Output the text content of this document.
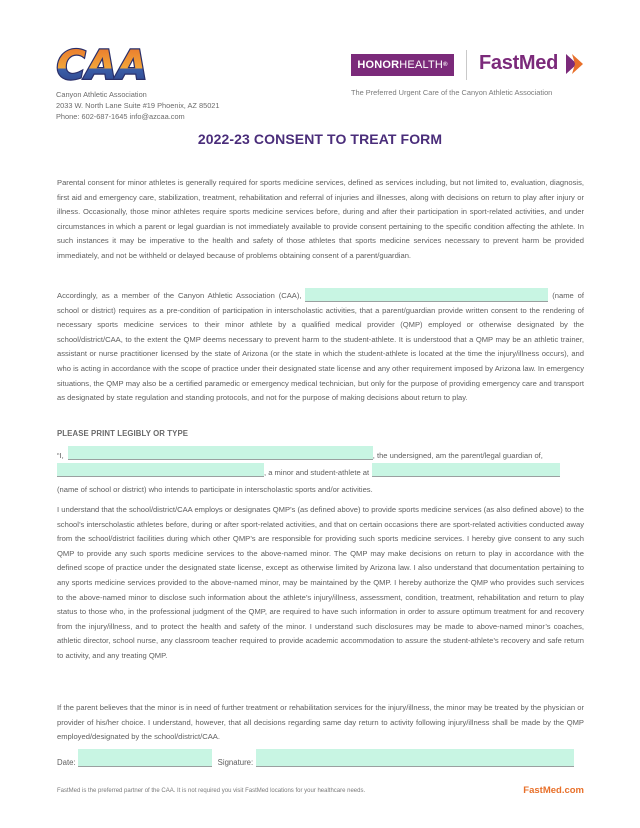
CAA
Canyon Athletic Association
2033 W. North Lane Suite #19 Phoenix, AZ 85021
Phone: 602-687-1645 info@azcaa.com
HONOR HEALTH ® FastMed
The Preferred Urgent Care of the Canyon Athletic Association
2022-23 CONSENT TO TREAT FORM
Parental consent for minor athletes is generally required for sports medicine services, defined as services including, but not limited to, evaluation, diagnosis, first aid and emergency care, stabilization, treatment, rehabilitation and referral of injuries and illnesses, along with decisions on return to play after injury or illness. Occasionally, those minor athletes require sports medicine services before, during and after their participation in sport-related activities, and under circumstances in which a parent or legal guardian is not immediately available to provide consent pertaining to the specific condition affecting the athlete. In such instances it may be imperative to the health and safety of those athletes that sports medicine services necessary to prevent harm be provided immediately, and not be withheld or delayed because of problems obtaining consent of a parent/guardian.
Accordingly, as a member of the Canyon Athletic Association (CAA),	(name of school or district) requires as a pre-condition of participation in interscholastic activities, that a parent/guardian provide written consent to the rendering of necessary sports medicine services to their minor athlete by a qualified medical provider (QMP) employed or otherwise designated by the school/district/CAA, to the extent the QMP deems necessary to prevent harm to the student-athlete. It is understood that a QMP may be an athletic trainer, assistant or nurse practitioner licensed by the state of Arizona (or the state in which the student-athlete is located at the time the injury/illness occurs), and who is acting in accordance with the scope of practice under their designated state license and any other requirement imposed by Arizona law. In emergency situations, the QMP may also be a certified paramedic or emergency medical technician, but only for the purpose of providing emergency care and transport as designated by state regulation and standing protocols, and not for the purpose of making decisions about return to play.
PLEASE PRINT LEGIBLY OR TYPE
“I,	, the undersigned, am the parent/legal guardian of,
, a minor and student-athlete at
(name of school or district) who intends to participate in interscholastic sports and/or activities.
I understand that the school/district/CAA employs or designates QMP’s (as defined above) to provide sports medicine services (as also defined above) to the school’s interscholastic athletes before, during or after sport-related activities, and that on certain occasions there are sport-related activities conducted away from the school/district facilities during which other QMP’s are responsible for providing such sports medicine services. I hereby give consent to any such QMP to provide any such sports medicine services to the above-named minor. The QMP may make decisions on return to play in accordance with the defined scope of practice under the designated state license, except as otherwise limited by Arizona law. I also understand that documentation pertaining to any sports medicine services provided to the above-named minor, may be maintained by the QMP. I hereby authorize the QMP who provides such services to the above-named minor to disclose such information about the athlete’s injury/illness, assessment, condition, treatment, rehabilitation and return to play status to those who, in the professional judgment of the QMP, are required to have such information in order to assure optimum treatment for and recovery from the injury/illness, and to protect the health and safety of the minor. I understand such disclosures may be made to above-named minor’s coaches, athletic director, school nurse, any classroom teacher required to provide academic accommodation to assure the student-athlete’s recovery and safe return to activity, and any treating QMP.
If the parent believes that the minor is in need of further treatment or rehabilitation services for the injury/illness, the minor may be treated by the physician or provider of his/her choice. I understand, however, that all decisions regarding same day return to activity following injury/illness shall be made by the QMP employed/designated by the school/district/CAA.
Date:	Signature:
FastMed is the preferred partner of the CAA. It is not required you visit FastMed locations for your healthcare needs.	FastMed.com
